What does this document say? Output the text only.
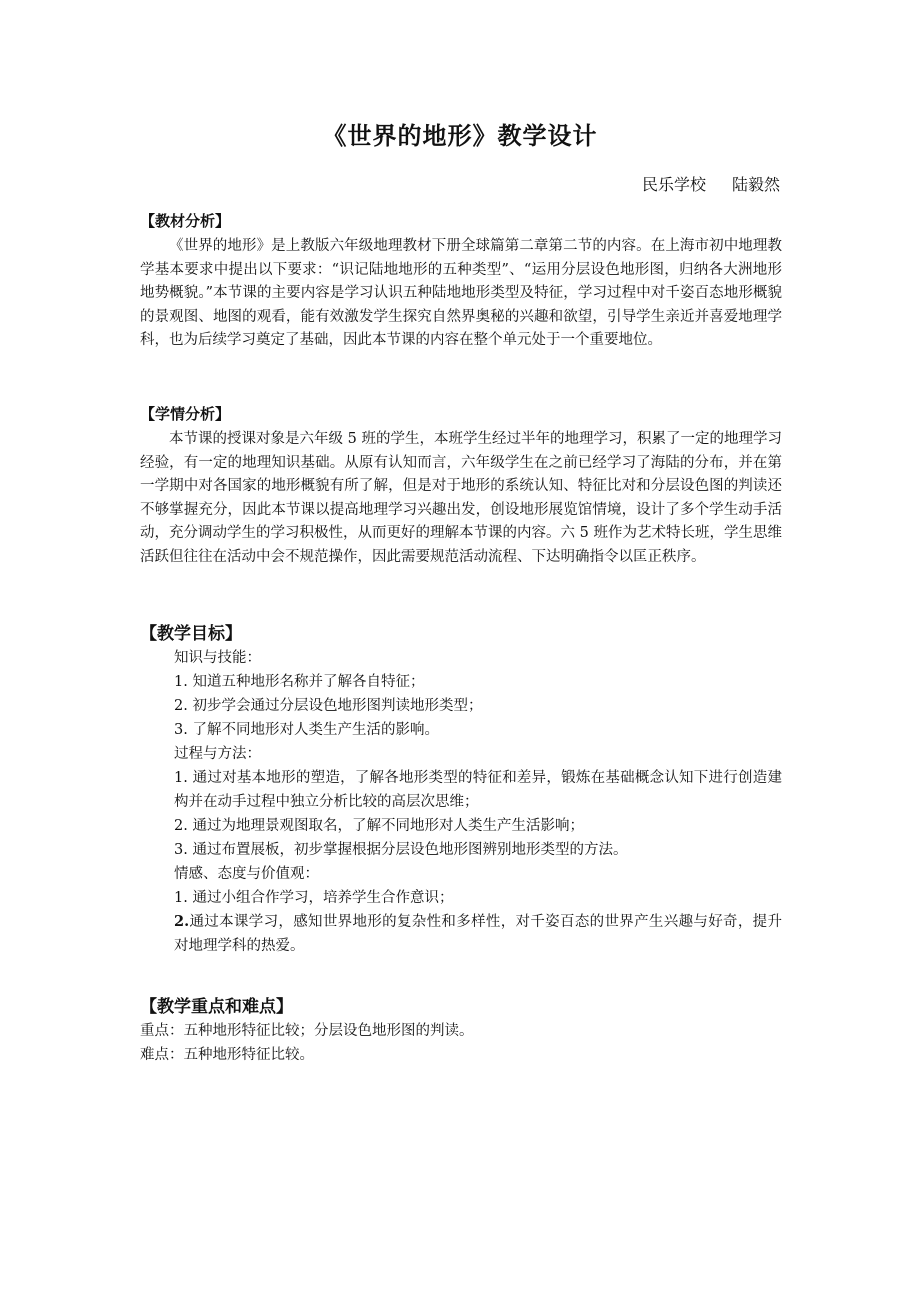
《世界的地形》教学设计
民乐学校 陆毅然
【教材分析】
《世界的地形》是上教版六年级地理教材下册全球篇第二章第二节的内容。在上海市初中地理教学基本要求中提出以下要求：“识记陆地地形的五种类型”、“运用分层设色地形图，归纳各大洲地形地势概貌。”本节课的主要内容是学习认识五种陆地地形类型及特征，学习过程中对千姿百态地形概貌的景观图、地图的观看，能有效激发学生探究自然界奥秘的兴趣和欲望，引导学生亲近并喜爱地理学科，也为后续学习奠定了基础，因此本节课的内容在整个单元处于一个重要地位。
【学情分析】
本节课的授课对象是六年级 5 班的学生，本班学生经过半年的地理学习，积累了一定的地理学习经验，有一定的地理知识基础。从原有认知而言，六年级学生在之前已经学习了海陆的分布，并在第一学期中对各国家的地形概貌有所了解，但是对于地形的系统认知、特征比对和分层设色图的判读还不够掌握充分，因此本节课以提高地理学习兴趣出发，创设地形展览馆情境，设计了多个学生动手活动，充分调动学生的学习积极性，从而更好的理解本节课的内容。六 5 班作为艺术特长班，学生思维活跃但往往在活动中会不规范操作，因此需要规范活动流程、下达明确指令以匡正秩序。
【教学目标】
知识与技能：
1. 知道五种地形名称并了解各自特征；
2. 初步学会通过分层设色地形图判读地形类型；
3. 了解不同地形对人类生产生活的影响。
过程与方法：
1. 通过对基本地形的塑造，了解各地形类型的特征和差异，锻炼在基础概念认知下进行创造建构并在动手过程中独立分析比较的高层次思维；
2. 通过为地理景观图取名，了解不同地形对人类生产生活影响；
3. 通过布置展板，初步掌握根据分层设色地形图辨别地形类型的方法。
情感、态度与价值观：
1. 通过小组合作学习，培养学生合作意识；
2.通过本课学习，感知世界地形的复杂性和多样性，对千姿百态的世界产生兴趣与好奇，提升对地理学科的热爱。
【教学重点和难点】
重点：五种地形特征比较；分层设色地形图的判读。
难点：五种地形特征比较。
